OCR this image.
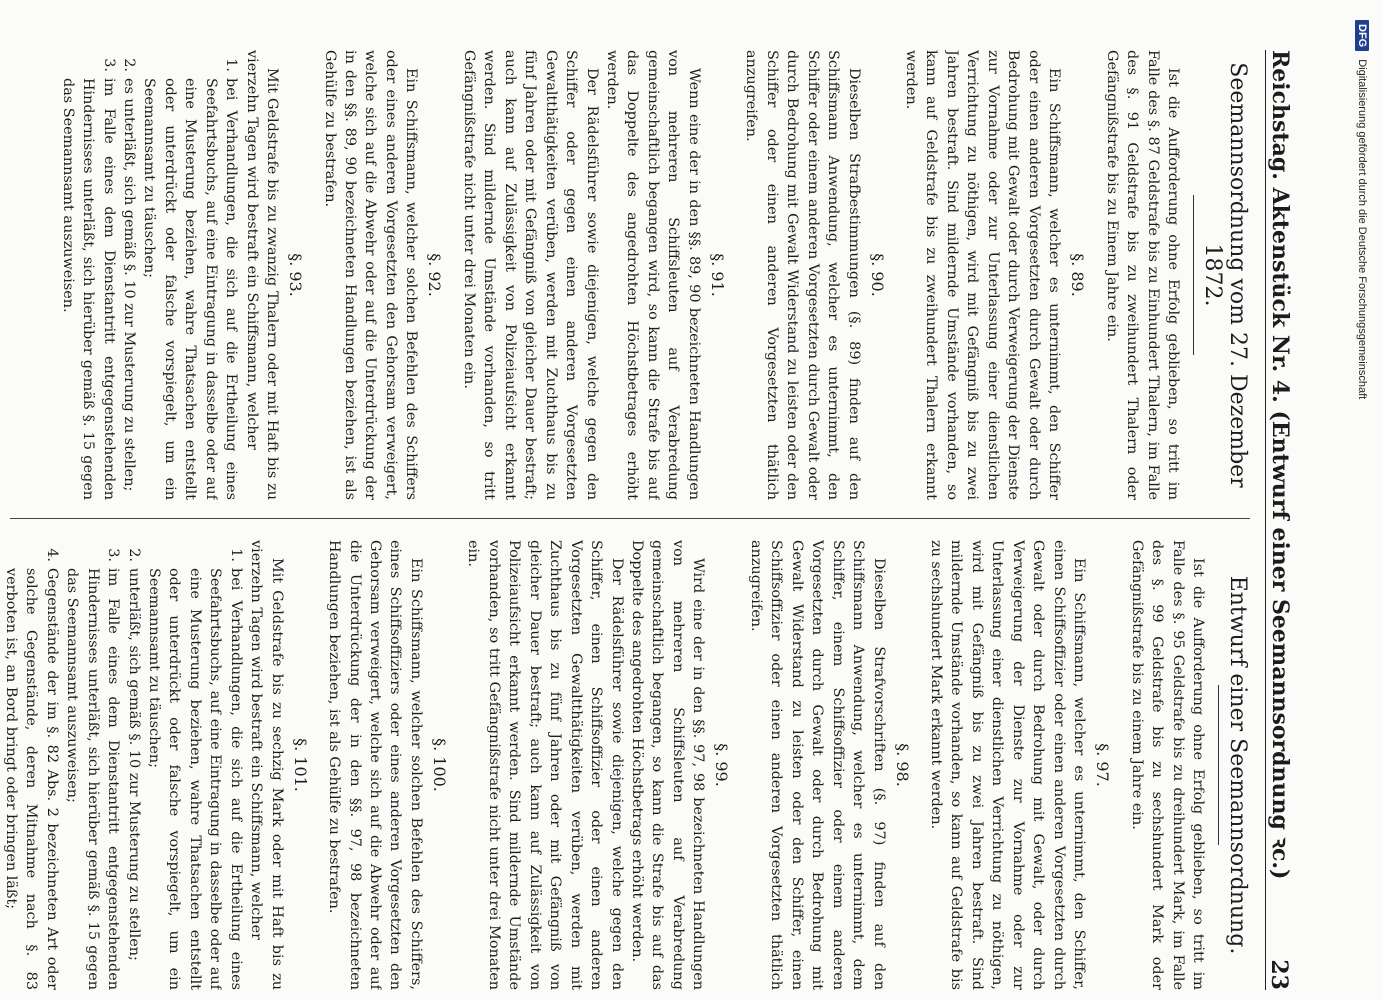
Reichstag. Aktenstück Nr. 4. (Entwurf einer Seemannsordnung ꝛc.)
23
Seemannsordnung vom 27. Dezember 1872.

Ist die Aufforderung ohne Erfolg geblieben, so tritt im Falle des §. 87 Geldstrafe bis zu Einhundert Thalern, im Falle des §. 91 Geldstrafe bis zu zweihundert Thalern oder Gefängnißstrafe bis zu Einem Jahre ein.

§. 89.

Ein Schiffsmann, welcher es unternimmt, den Schiffer oder einen anderen Vorgesetzten durch Gewalt oder durch Bedrohung mit Gewalt oder durch Verweigerung der Dienste zur Vornahme oder zur Unterlassung einer dienstlichen Verrichtung zu nöthigen, wird mit Gefängniß bis zu zwei Jahren bestraft. Sind mildernde Umstände vorhanden, so kann auf Geldstrafe bis zu zweihundert Thalern erkannt werden.

§. 90.

Dieselben Strafbestimmungen (§. 89) finden auf den Schiffsmann Anwendung, welcher es unternimmt, den Schiffer oder einem anderen Vorgesetzten durch Gewalt oder durch Bedrohung mit Gewalt Widerstand zu leisten oder den Schiffer oder einen anderen Vorgesetzten thätlich anzugreifen.

§. 91.

Wenn eine der in den §§. 89, 90 bezeichneten Handlungen von mehreren Schiffsleuten auf Verabredung gemeinschaftlich begangen wird, so kann die Strafe bis auf das Doppelte des angedrohten Höchstbetrages erhöht werden.

Der Rädelsführer sowie diejenigen, welche gegen den Schiffer oder gegen einen anderen Vorgesetzten Gewaltthätigkeiten verüben, werden mit Zuchthaus bis zu fünf Jahren oder mit Gefängniß von gleicher Dauer bestraft; auch kann auf Zulässigkeit von Polizeiaufsicht erkannt werden. Sind mildernde Umstände vorhanden, so tritt Gefängnißstrafe nicht unter drei Monaten ein.

§. 92.

Ein Schiffsmann, welcher solchen Befehlen des Schiffers oder eines anderen Vorgesetzten den Gehorsam verweigert, welche sich auf die Abwehr oder auf die Unterdrückung der in den §§. 89, 90 bezeichneten Handlungen beziehen, ist als Gehülfe zu bestrafen.

§. 93.

Mit Geldstrafe bis zu zwanzig Thalern oder mit Haft bis zu vierzehn Tagen wird bestraft ein Schiffsmann, welcher

1.
bei Verhandlungen, die sich auf die Ertheilung eines Seefahrtsbuchs, auf eine Eintragung in dasselbe oder auf eine Musterung beziehen, wahre Thatsachen entstellt oder unterdrückt oder falsche vorspiegelt, um ein Seemannsamt zu täuschen;
2.
es unterläßt, sich gemäß §. 10 zur Musterung zu stellen;
3.
im Falle eines dem Dienstantritt entgegenstehenden Hindernisses unterläßt, sich hierüber gemäß §. 15 gegen das Seemannsamt auszuweisen.
Entwurf einer Seemannsordnung.

Ist die Aufforderung ohne Erfolg geblieben, so tritt im Falle des §. 95 Geldstrafe bis zu dreihundert Mark, im Falle des §. 99 Geldstrafe bis zu sechshundert Mark oder Gefängnißstrafe bis zu einem Jahre ein.

§. 97.

Ein Schiffsmann, welcher es unternimmt, den Schiffer, einen Schiffsoffizier oder einen anderen Vorgesetzten durch Gewalt oder durch Bedrohung mit Gewalt, oder durch Verweigerung der Dienste zur Vornahme oder zur Unterlassung einer dienstlichen Verrichtung zu nöthigen, wird mit Gefängniß bis zu zwei Jahren bestraft. Sind mildernde Umstände vorhanden, so kann auf Geldstrafe bis zu sechshundert Mark erkannt werden.

§. 98.

Dieselben Strafvorschriften (§. 97) finden auf den Schiffsmann Anwendung, welcher es unternimmt, dem Schiffer, einem Schiffsoffizier oder einem anderen Vorgesetzten durch Gewalt oder durch Bedrohung mit Gewalt Widerstand zu leisten oder den Schiffer, einen Schiffsoffizier oder einen anderen Vorgesetzten thätlich anzugreifen.

§. 99.

Wird eine der in den §§. 97, 98 bezeichneten Handlungen von mehreren Schiffsleuten auf Verabredung gemeinschaftlich begangen, so kann die Strafe bis auf das Doppelte des angedrohten Höchstbetrags erhöht werden.

Der Rädelsführer sowie diejenigen, welche gegen den Schiffer, einen Schiffsoffizier oder einen anderen Vorgesetzten Gewaltthätigkeiten verüben, werden mit Zuchthaus bis zu fünf Jahren oder mit Gefängniß von gleicher Dauer bestraft; auch kann auf Zulässigkeit von Polizeiaufsicht erkannt werden. Sind mildernde Umstände vorhanden, so tritt Gefängnißstrafe nicht unter drei Monaten ein.

§. 100.

Ein Schiffsmann, welcher solchen Befehlen des Schiffers, eines Schiffsoffiziers oder eines anderen Vorgesetzten den Gehorsam verweigert, welche sich auf die Abwehr oder auf die Unterdrückung der in den §§. 97, 98 bezeichneten Handlungen beziehen, ist als Gehülfe zu bestrafen.

§. 101.

Mit Geldstrafe bis zu sechzig Mark oder mit Haft bis zu vierzehn Tagen wird bestraft ein Schiffsmann, welcher

1.
bei Verhandlungen, die sich auf die Ertheilung eines Seefahrtsbuchs, auf eine Eintragung in dasselbe oder auf eine Musterung beziehen, wahre Thatsachen entstellt oder unterdrückt oder falsche vorspiegelt, um ein Seemannsamt zu täuschen;
2.
unterläßt, sich gemäß §. 10 zur Musterung zu stellen;
3.
im Falle eines dem Dienstantritt entgegenstehenden Hindernisses unterläßt, sich hierüber gemäß §. 15 gegen das Seemannsamt auszuweisen;
4.
Gegenstände der im §. 82 Abs. 2 bezeichneten Art oder solche Gegenstände, deren Mitnahme nach §. 83 verboten ist, an Bord bringt oder bringen läßt;
DFG
Digitalisierung gefördert durch die Deutsche Forschungsgemeinschaft
